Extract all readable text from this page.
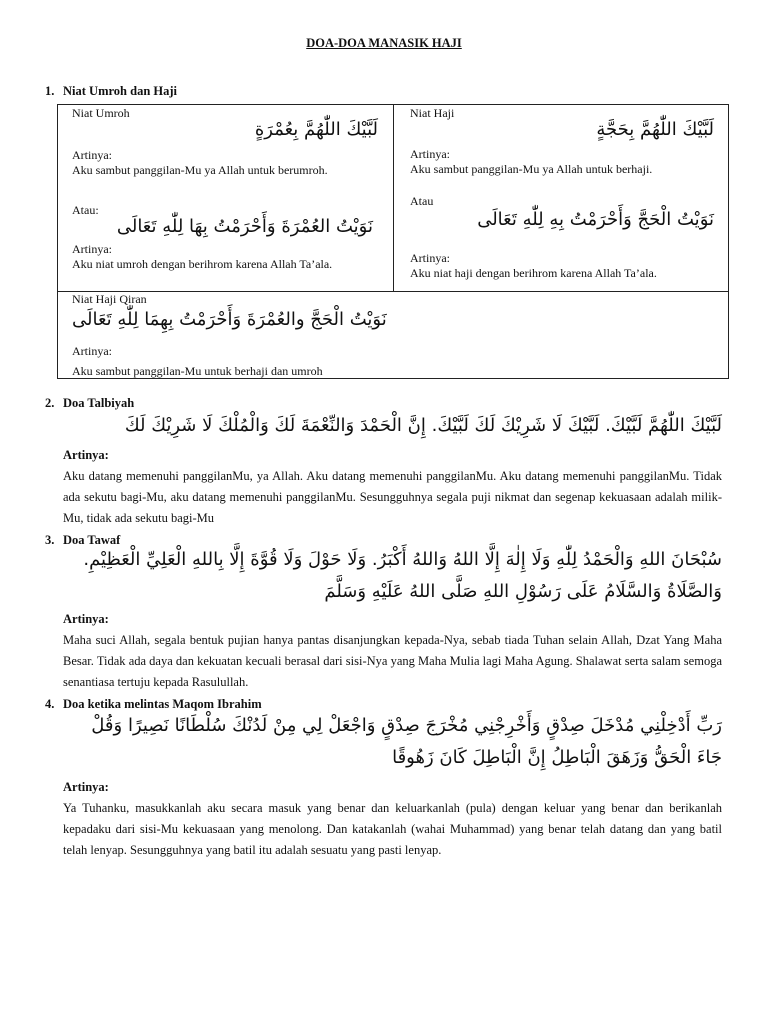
DOA-DOA MANASIK HAJI
1. Niat Umroh dan Haji
Niat Umroh
لَبَّيْكَ اللّٰهُمَّ بِعُمْرَةٍ
Artinya:
Aku sambut panggilan-Mu ya Allah untuk berumroh.
Atau:
نَوَيْتُ العُمْرَةَ وَأَحْرَمْتُ بِهَا لِلّٰهِ تَعَالَى
Artinya:
Aku niat umroh dengan berihrom karena Allah Ta’ala.
Niat Haji
لَبَّيْكَ اللّٰهُمَّ بِحَجَّةٍ
Artinya:
Aku sambut panggilan-Mu ya Allah untuk berhaji.
Atau
نَوَيْتُ الْحَجَّ وَأَحْرَمْتُ بِهِ لِلّٰهِ تَعَالَى
Artinya:
Aku niat haji dengan berihrom karena Allah Ta’ala.
Niat Haji Qiran
نَوَيْتُ الْحَجَّ والعُمْرَةَ وَأَحْرَمْتُ بِهِمَا لِلّٰهِ تَعَالَى
Artinya:
Aku sambut panggilan-Mu untuk berhaji dan umroh
2. Doa Talbiyah
لَبَّيْكَ اللّٰهُمَّ لَبَّيْكَ. لَبَّيْكَ لَا شَرِيْكَ لَكَ لَبَّيْكَ. إِنَّ الْحَمْدَ وَالنِّعْمَةَ لَكَ وَالْمُلْكَ لَا شَرِيْكَ لَكَ
Artinya:
Aku datang memenuhi panggilanMu, ya Allah. Aku datang memenuhi panggilanMu. Aku datang memenuhi panggilanMu. Tidak ada sekutu bagi-Mu, aku datang memenuhi panggilanMu. Sesungguhnya segala puji nikmat dan segenap kekuasaan adalah milik-Mu, tidak ada sekutu bagi-Mu
3. Doa Tawaf
سُبْحَانَ اللهِ وَالْحَمْدُ لِلّٰهِ وَلَا إِلٰهَ إِلَّا اللهُ وَاللهُ أَكْبَرُ. وَلَا حَوْلَ وَلَا قُوَّةَ إِلَّا بِاللهِ الْعَلِيِّ الْعَظِيْمِ. وَالصَّلَاةُ وَالسَّلَامُ عَلَى رَسُوْلِ اللهِ صَلَّى اللهُ عَلَيْهِ وَسَلَّمَ
Artinya:
Maha suci Allah, segala bentuk pujian hanya pantas disanjungkan kepada-Nya, sebab tiada Tuhan selain Allah, Dzat Yang Maha Besar. Tidak ada daya dan kekuatan kecuali berasal dari sisi-Nya yang Maha Mulia lagi Maha Agung. Shalawat serta salam semoga senantiasa tertuju kepada Rasulullah.
4. Doa ketika melintas Maqom Ibrahim
رَبِّ أَدْخِلْنِي مُدْخَلَ صِدْقٍ وَأَخْرِجْنِي مُخْرَجَ صِدْقٍ وَاجْعَلْ لِي مِنْ لَدُنْكَ سُلْطَانًا نَصِيرًا وَقُلْ جَاءَ الْحَقُّ وَزَهَقَ الْبَاطِلُ إِنَّ الْبَاطِلَ كَانَ زَهُوقًا
Artinya:
Ya Tuhanku, masukkanlah aku secara masuk yang benar dan keluarkanlah (pula) dengan keluar yang benar dan berikanlah kepadaku dari sisi-Mu kekuasaan yang menolong. Dan katakanlah (wahai Muhammad) yang benar telah datang dan yang batil telah lenyap. Sesungguhnya yang batil itu adalah sesuatu yang pasti lenyap.
